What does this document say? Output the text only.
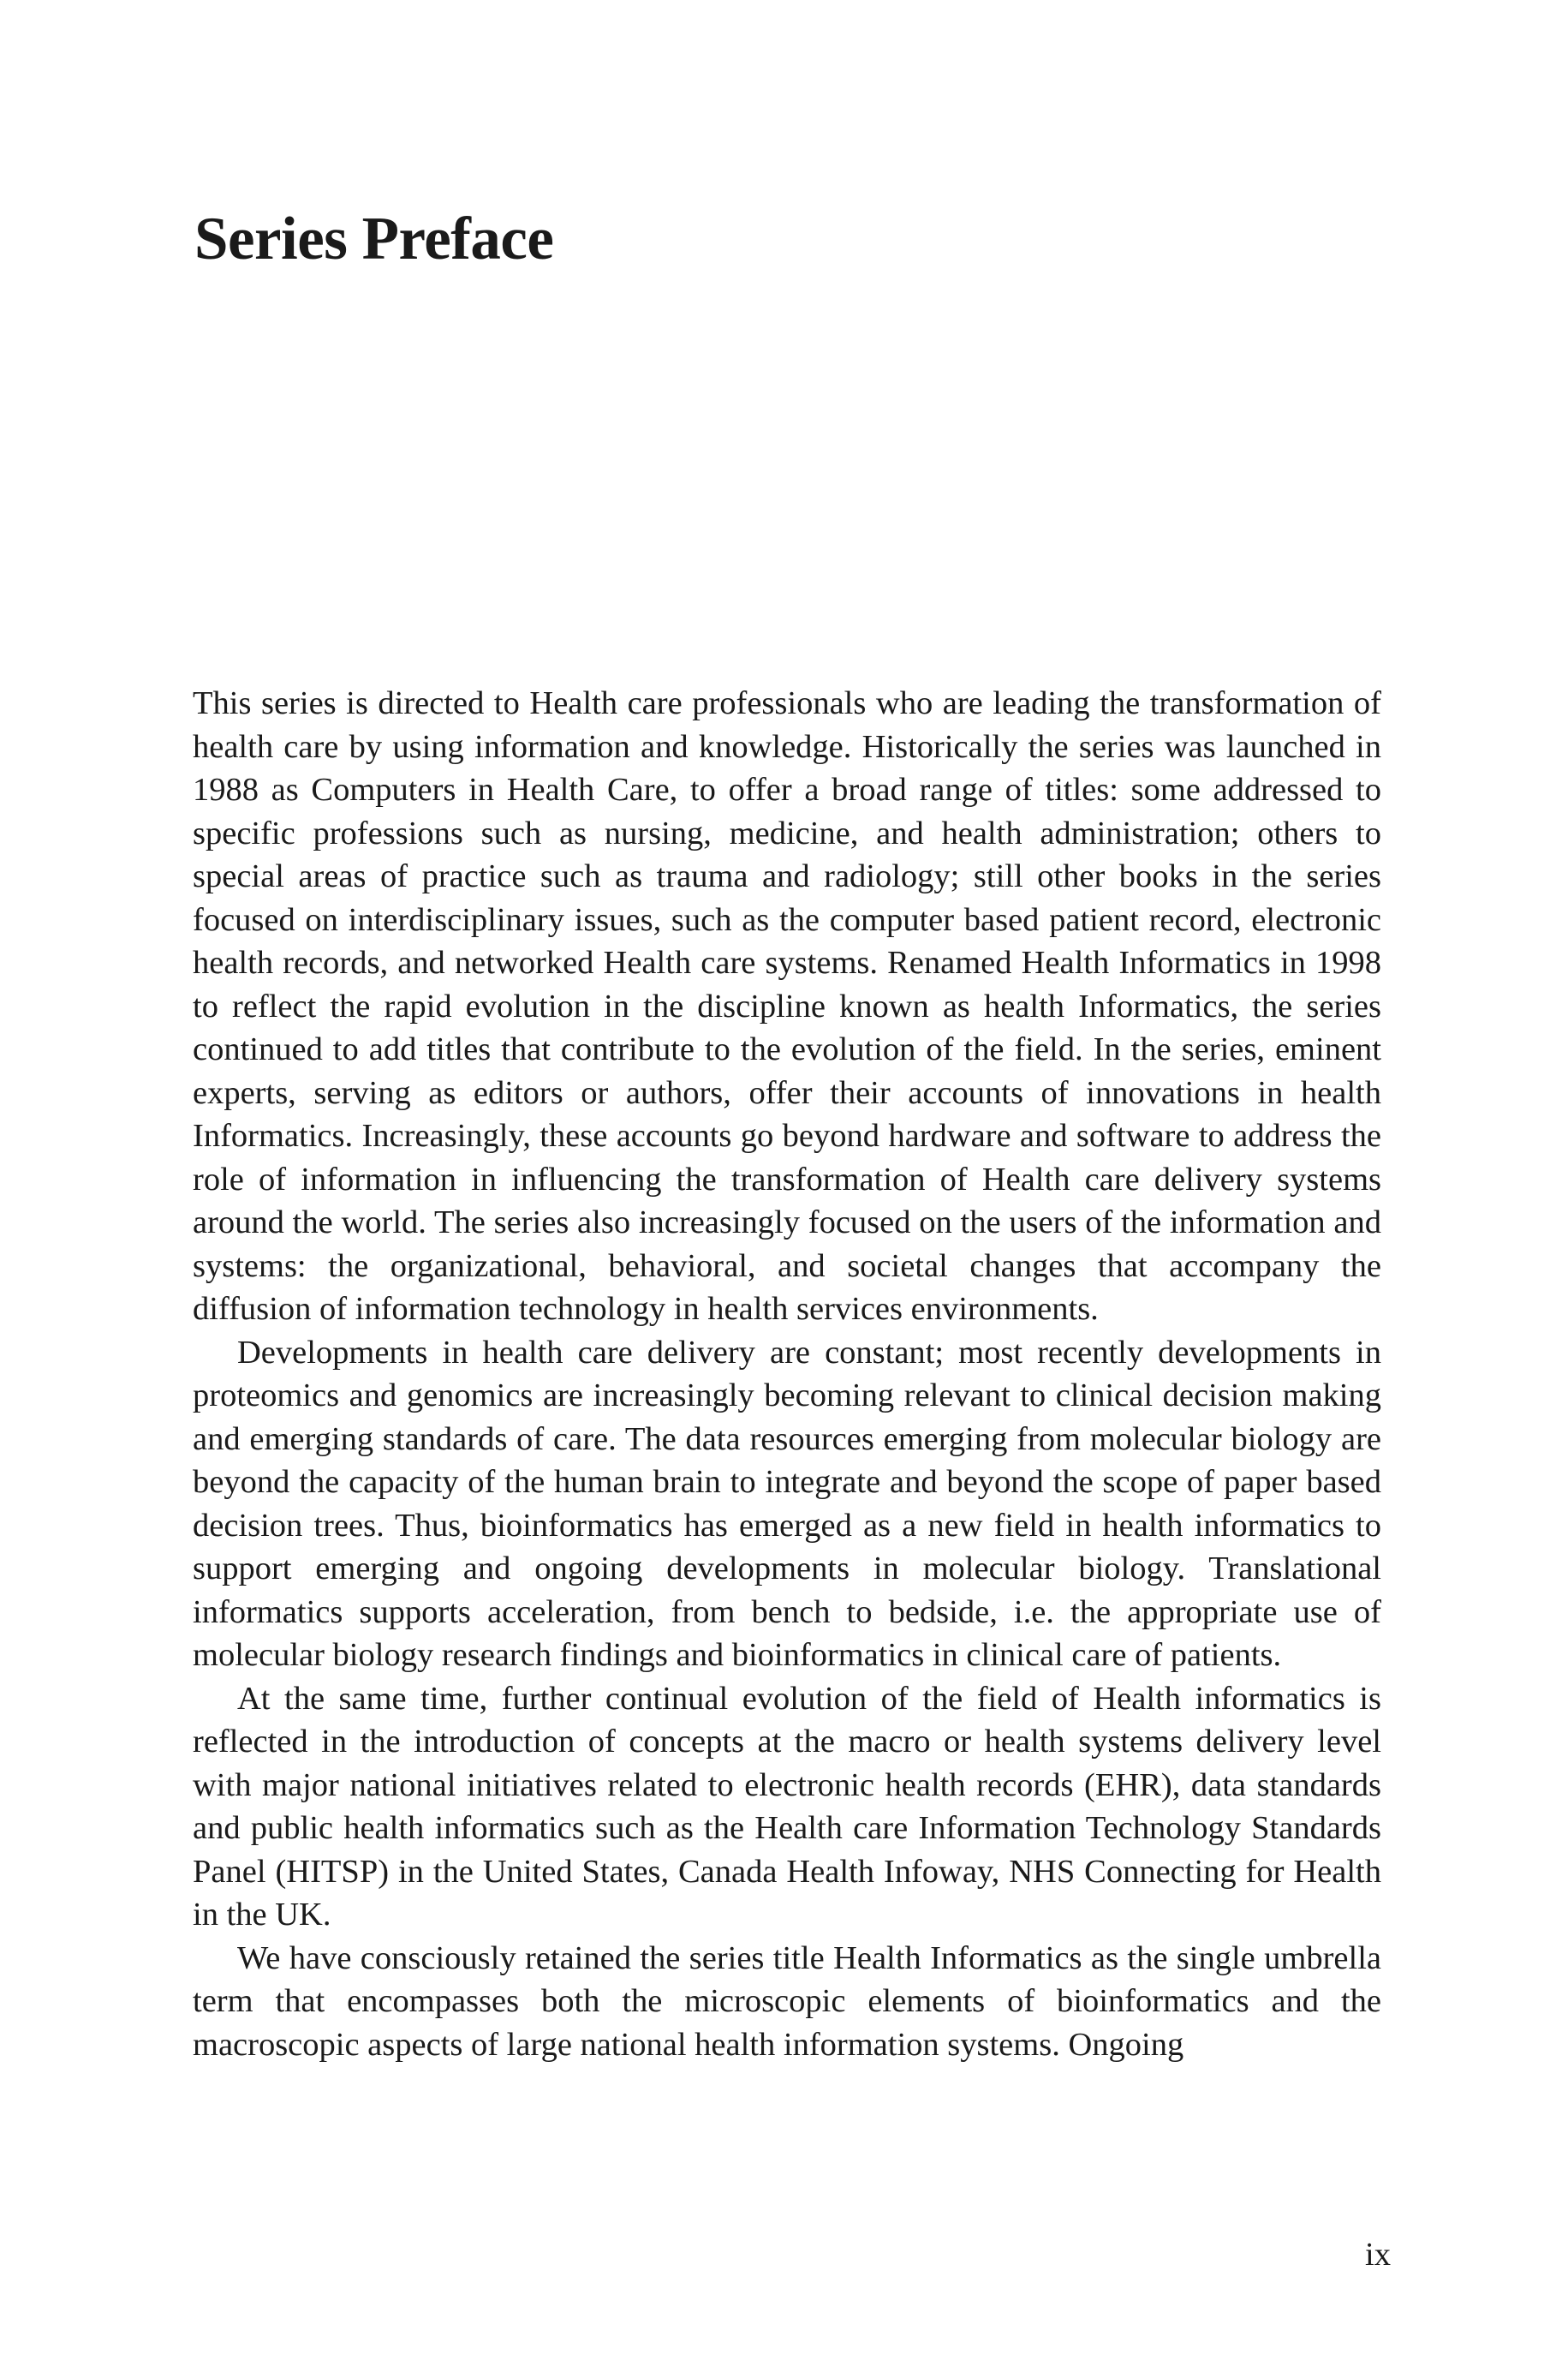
Series Preface

This series is directed to Health care professionals who are leading the transformation of health care by using information and knowledge. Historically the series was launched in 1988 as Computers in Health Care, to offer a broad range of titles: some addressed to specific professions such as nursing, medicine, and health administration; others to special areas of practice such as trauma and radiology; still other books in the series focused on interdisciplinary issues, such as the computer based patient record, electronic health records, and networked Health care systems. Renamed Health Informatics in 1998 to reflect the rapid evolution in the discipline known as health Informatics, the series continued to add titles that contribute to the evolution of the field. In the series, eminent experts, serving as editors or authors, offer their accounts of innovations in health Informatics. Increasingly, these accounts go beyond hardware and software to address the role of information in influencing the transformation of Health care delivery systems around the world. The series also increasingly focused on the users of the information and systems: the organizational, behavioral, and societal changes that accompany the diffusion of information technology in health services environments.

Developments in health care delivery are constant; most recently developments in proteomics and genomics are increasingly becoming relevant to clinical decision making and emerging standards of care. The data resources emerging from molecular biology are beyond the capacity of the human brain to integrate and beyond the scope of paper based decision trees. Thus, bioinformatics has emerged as a new field in health informatics to support emerging and ongoing developments in molecular biology. Translational informatics supports acceleration, from bench to bedside, i.e. the appropriate use of molecular biology research findings and bioinformatics in clinical care of patients.

At the same time, further continual evolution of the field of Health informatics is reflected in the introduction of concepts at the macro or health systems delivery level with major national initiatives related to electronic health records (EHR), data standards and public health informatics such as the Health care Information Technology Standards Panel (HITSP) in the United States, Canada Health Infoway, NHS Connecting for Health in the UK.

We have consciously retained the series title Health Informatics as the single umbrella term that encompasses both the microscopic elements of bioinformatics and the macroscopic aspects of large national health information systems. Ongoing

ix
